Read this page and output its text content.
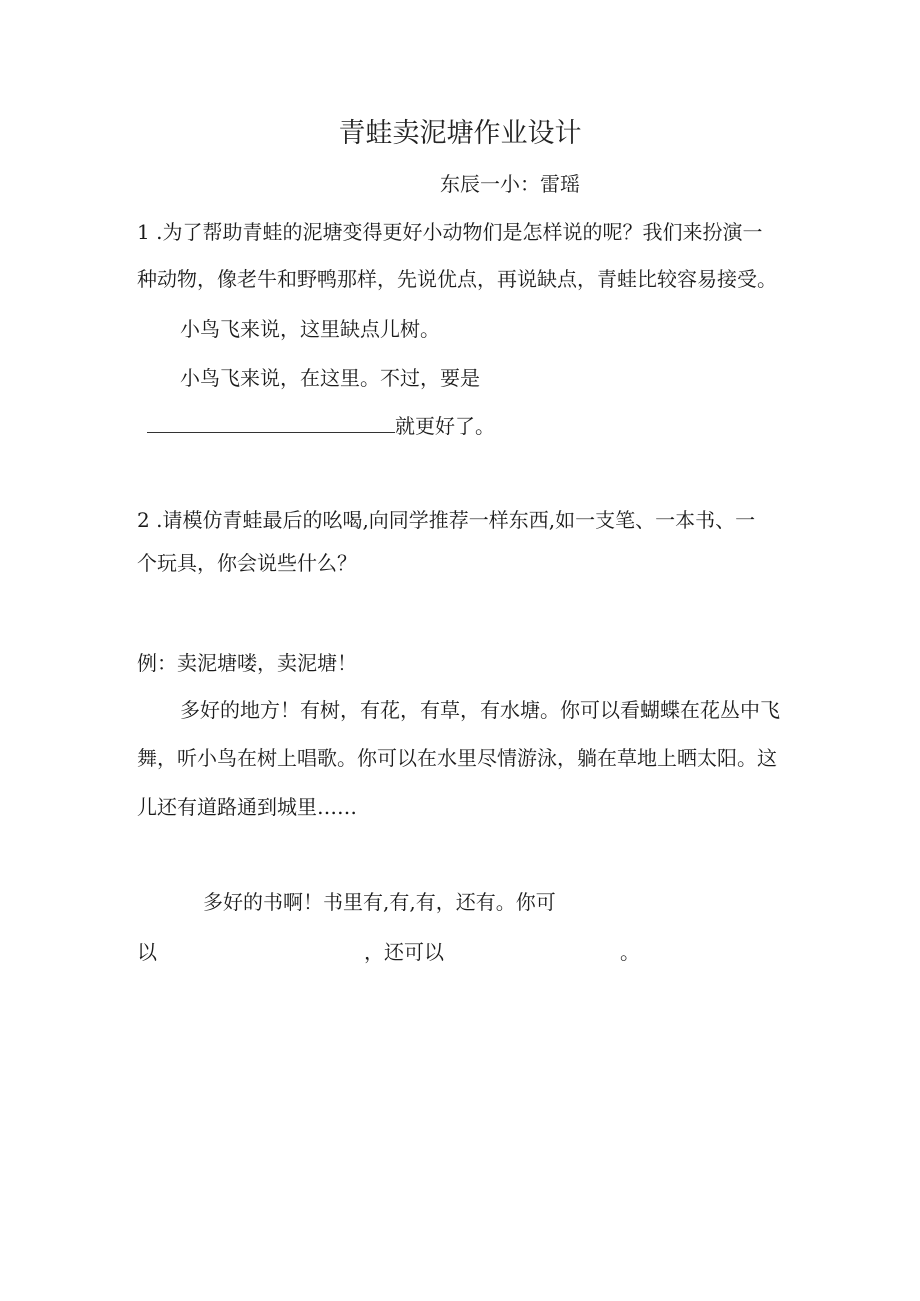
青蛙卖泥塘作业设计
东辰一小：雷瑶
1 .为了帮助青蛙的泥塘变得更好小动物们是怎样说的呢？我们来扮演一
种动物，像老牛和野鸭那样，先说优点，再说缺点，青蛙比较容易接受。
小鸟飞来说，这里缺点儿树。
小鸟飞来说，在这里。不过，要是
就更好了。
2 .请模仿青蛙最后的吆喝,向同学推荐一样东西,如一支笔、一本书、一
个玩具，你会说些什么？
例：卖泥塘喽，卖泥塘！
多好的地方！有树，有花，有草，有水塘。你可以看蝴蝶在花丛中飞
舞，听小鸟在树上唱歌。你可以在水里尽情游泳，躺在草地上晒太阳。这
儿还有道路通到城里……
多好的书啊！书里有,有,有，还有。你可
以	，还可以	。
